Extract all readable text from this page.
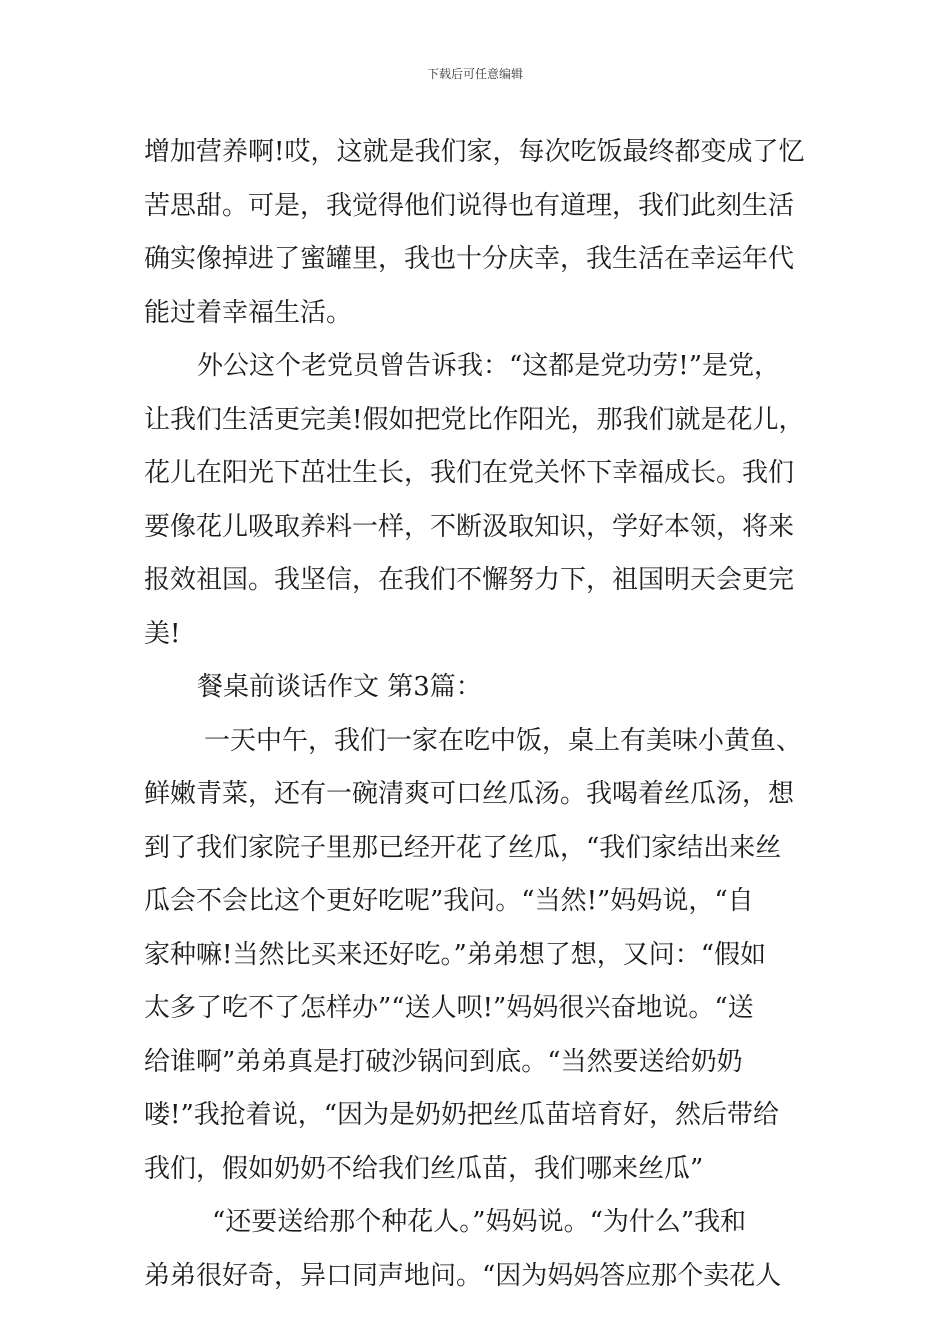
下载后可任意编辑
增加营养啊!哎，这就是我们家，每次吃饭最终都变成了忆
苦思甜。可是，我觉得他们说得也有道理，我们此刻生活
确实像掉进了蜜罐里，我也十分庆幸，我生活在幸运年代
能过着幸福生活。
外公这个老党员曾告诉我：“这都是党功劳!”是党，
让我们生活更完美!假如把党比作阳光，那我们就是花儿，
花儿在阳光下茁壮生长，我们在党关怀下幸福成长。我们
要像花儿吸取养料一样，不断汲取知识，学好本领，将来
报效祖国。我坚信，在我们不懈努力下，祖国明天会更完
美!
餐桌前谈话作文 第3篇：
一天中午，我们一家在吃中饭，桌上有美味小黄鱼、
鲜嫩青菜，还有一碗清爽可口丝瓜汤。我喝着丝瓜汤，想
到了我们家院子里那已经开花了丝瓜，“我们家结出来丝
瓜会不会比这个更好吃呢”我问。“当然!”妈妈说，“自
家种嘛!当然比买来还好吃。”弟弟想了想，又问：“假如
太多了吃不了怎样办”“送人呗!”妈妈很兴奋地说。“送
给谁啊”弟弟真是打破沙锅问到底。“当然要送给奶奶
喽!”我抢着说，“因为是奶奶把丝瓜苗培育好，然后带给
我们，假如奶奶不给我们丝瓜苗，我们哪来丝瓜”
“还要送给那个种花人。”妈妈说。“为什么”我和
弟弟很好奇，异口同声地问。“因为妈妈答应那个卖花人
